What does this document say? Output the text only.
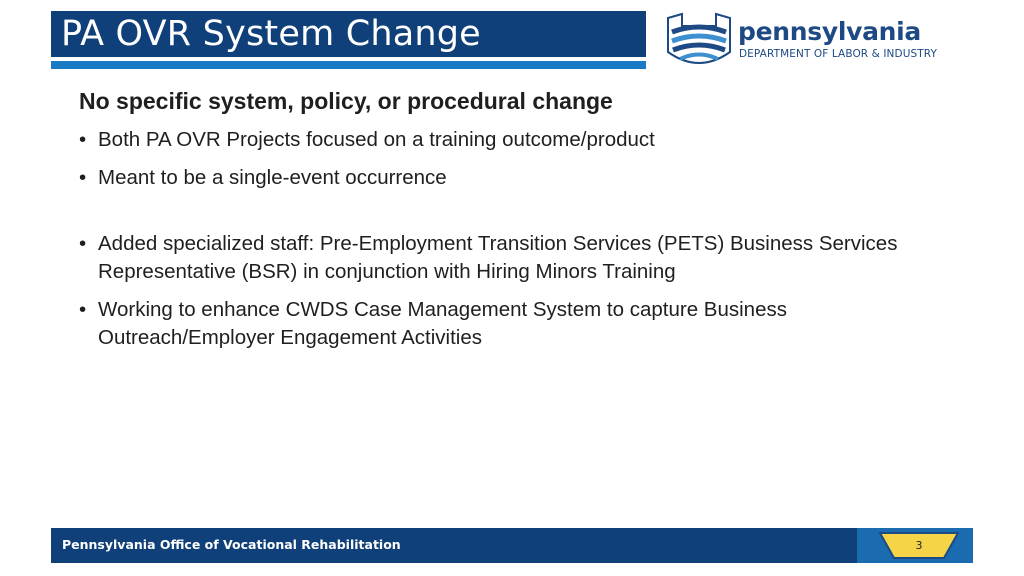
PA OVR System Change	pennsylvania
DEPARTMENT OF LABOR & INDUSTRY
No specific system, policy, or procedural change
• Both PA OVR Projects focused on a training outcome/product
• Meant to be a single-event occurrence
• Added specialized staff: Pre-Employment Transition Services (PETS) Business Services Representative (BSR) in conjunction with Hiring Minors Training
• Working to enhance CWDS Case Management System to capture Business Outreach/Employer Engagement Activities
Pennsylvania Office of Vocational Rehabilitation	3
